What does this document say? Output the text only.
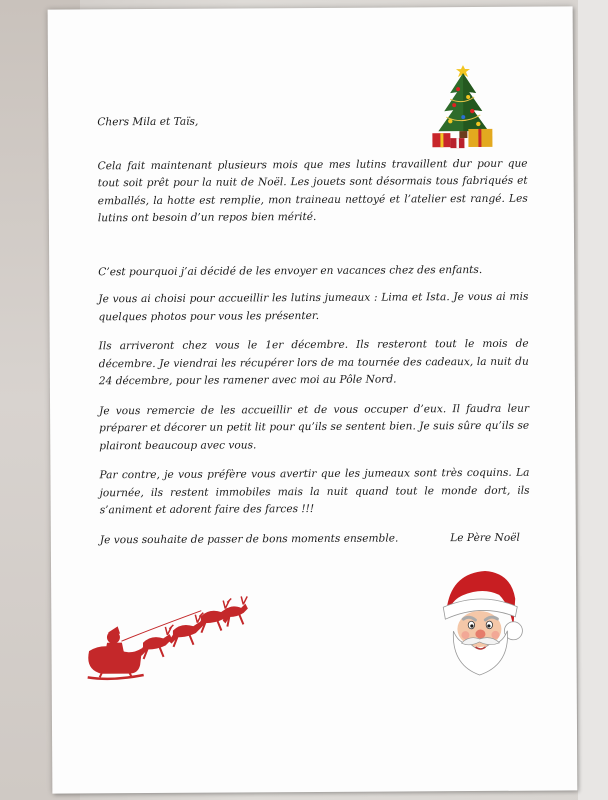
Chers Mila et Taïs,

Cela fait maintenant plusieurs mois que mes lutins travaillent dur pour que tout soit prêt pour la nuit de Noël. Les jouets sont désormais tous fabriqués et emballés, la hotte est remplie, mon traineau nettoyé et l’atelier est rangé. Les lutins ont besoin d’un repos bien mérité.

C’est pourquoi j’ai décidé de les envoyer en vacances chez des enfants.

Je vous ai choisi pour accueillir les lutins jumeaux : Lima et Ista. Je vous ai mis quelques photos pour vous les présenter.

Ils arriveront chez vous le 1er décembre. Ils resteront tout le mois de décembre. Je viendrai les récupérer lors de ma tournée des cadeaux, la nuit du 24 décembre, pour les ramener avec moi au Pôle Nord.

Je vous remercie de les accueillir et de vous occuper d’eux. Il faudra leur préparer et décorer un petit lit pour qu’ils se sentent bien. Je suis sûre qu’ils se plairont beaucoup avec vous.

Par contre, je vous préfère vous avertir que les jumeaux sont très coquins. La journée, ils restent immobiles mais la nuit quand tout le monde dort, ils s’animent et adorent faire des farces !!!

Je vous souhaite de passer de bons moments ensemble.	Le Père Noël
